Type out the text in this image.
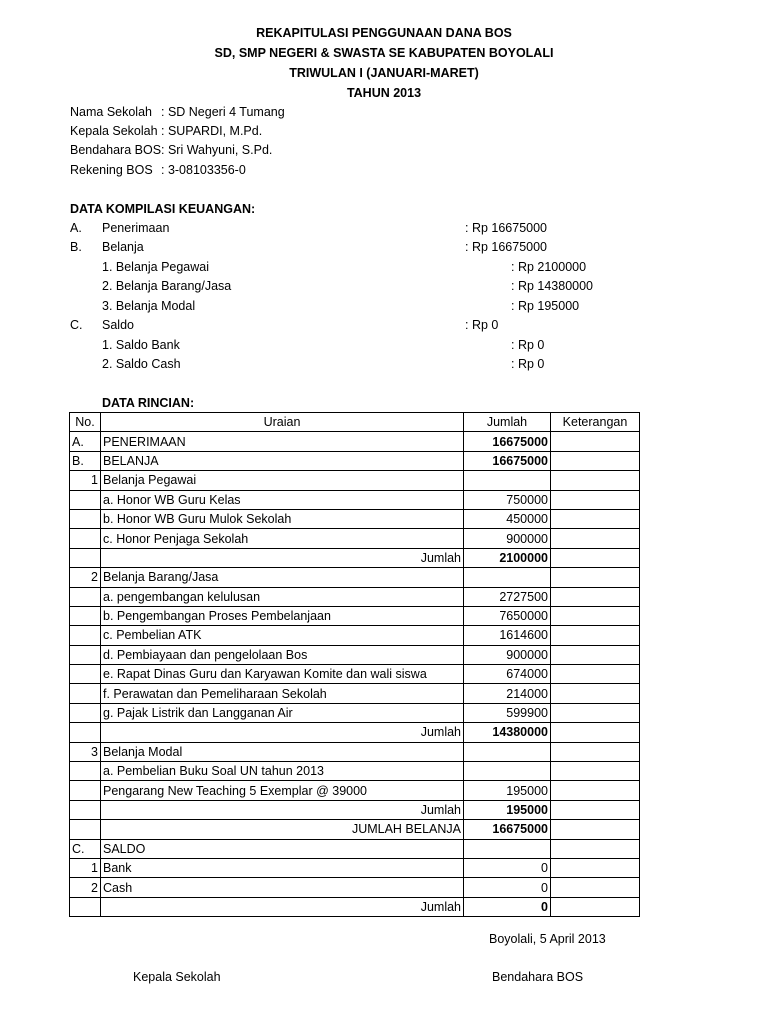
REKAPITULASI PENGGUNAAN DANA BOS
SD, SMP NEGERI & SWASTA SE KABUPATEN BOYOLALI
TRIWULAN I (JANUARI-MARET)
TAHUN 2013
Nama Sekolah : SD Negeri 4 Tumang
Kepala Sekolah : SUPARDI, M.Pd.
Bendahara BOS : Sri Wahyuni, S.Pd.
Rekening BOS : 3-08103356-0
DATA KOMPILASI KEUANGAN:
A. Penerimaan	: Rp 16675000
B. Belanja	: Rp 16675000
1. Belanja Pegawai	: Rp 2100000
2. Belanja Barang/Jasa	: Rp 14380000
3. Belanja Modal	: Rp 195000
C. Saldo	: Rp 0
1. Saldo Bank	: Rp 0
2. Saldo Cash	: Rp 0
DATA RINCIAN:
No.	Uraian	Jumlah	Keterangan
A.	PENERIMAAN	16675000	
B.	BELANJA	16675000	
1	Belanja Pegawai		
	a. Honor WB Guru Kelas	750000	
	b. Honor WB Guru Mulok Sekolah	450000	
	c. Honor Penjaga Sekolah	900000	
	Jumlah	2100000	
2	Belanja Barang/Jasa		
	a. pengembangan kelulusan	2727500	
	b. Pengembangan Proses Pembelanjaan	7650000	
	c. Pembelian ATK	1614600	
	d. Pembiayaan dan pengelolaan Bos	900000	
	e. Rapat Dinas Guru dan Karyawan Komite dan wali siswa	674000	
	f. Perawatan dan Pemeliharaan Sekolah	214000	
	g. Pajak Listrik dan Langganan Air	599900	
	Jumlah	14380000	
3	Belanja Modal		
	a. Pembelian Buku Soal UN tahun 2013		
	Pengarang New Teaching 5 Exemplar @ 39000	195000	
	Jumlah	195000	
	JUMLAH BELANJA	16675000	
C.	SALDO		
1	Bank	0	
2	Cash	0	
	Jumlah	0	
Boyolali, 5 April 2013
Kepala Sekolah	Bendahara BOS
